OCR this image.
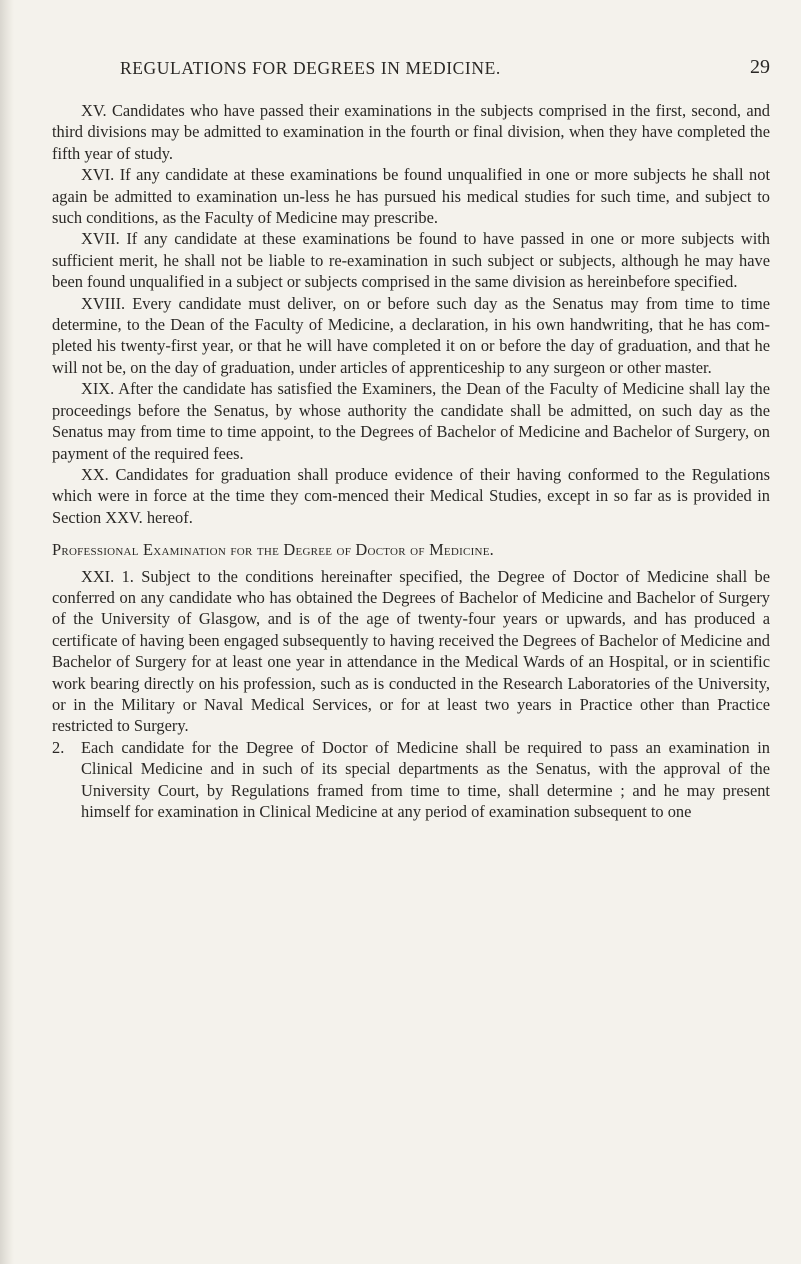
REGULATIONS FOR DEGREES IN MEDICINE.	29

XV. Candidates who have passed their examinations in the subjects comprised in the first, second, and third divisions may be admitted to examination in the fourth or final division, when they have completed the fifth year of study.

XVI. If any candidate at these examinations be found unqualified in one or more subjects he shall not again be admitted to examination un-less he has pursued his medical studies for such time, and subject to such conditions, as the Faculty of Medicine may prescribe.

XVII. If any candidate at these examinations be found to have passed in one or more subjects with sufficient merit, he shall not be liable to re-examination in such subject or subjects, although he may have been found unqualified in a subject or subjects comprised in the same division as hereinbefore specified.

XVIII. Every candidate must deliver, on or before such day as the Senatus may from time to time determine, to the Dean of the Faculty of Medicine, a declaration, in his own handwriting, that he has com-pleted his twenty-first year, or that he will have completed it on or before the day of graduation, and that he will not be, on the day of graduation, under articles of apprenticeship to any surgeon or other master.

XIX. After the candidate has satisfied the Examiners, the Dean of the Faculty of Medicine shall lay the proceedings before the Senatus, by whose authority the candidate shall be admitted, on such day as the Senatus may from time to time appoint, to the Degrees of Bachelor of Medicine and Bachelor of Surgery, on payment of the required fees.

XX. Candidates for graduation shall produce evidence of their having conformed to the Regulations which were in force at the time they com-menced their Medical Studies, except in so far as is provided in Section XXV. hereof.

Professional Examination for the Degree of Doctor of Medicine.

XXI. 1. Subject to the conditions hereinafter specified, the Degree of Doctor of Medicine shall be conferred on any candidate who has obtained the Degrees of Bachelor of Medicine and Bachelor of Surgery of the University of Glasgow, and is of the age of twenty-four years or upwards, and has produced a certificate of having been engaged subsequently to having received the Degrees of Bachelor of Medicine and Bachelor of Surgery for at least one year in attendance in the Medical Wards of an Hospital, or in scientific work bearing directly on his profession, such as is conducted in the Research Laboratories of the University, or in the Military or Naval Medical Services, or for at least two years in Practice other than Practice restricted to Surgery.

2. Each candidate for the Degree of Doctor of Medicine shall be required to pass an examination in Clinical Medicine and in such of its special departments as the Senatus, with the approval of the University Court, by Regulations framed from time to time, shall determine ; and he may present himself for examination in Clinical Medicine at any period of examination subsequent to one
